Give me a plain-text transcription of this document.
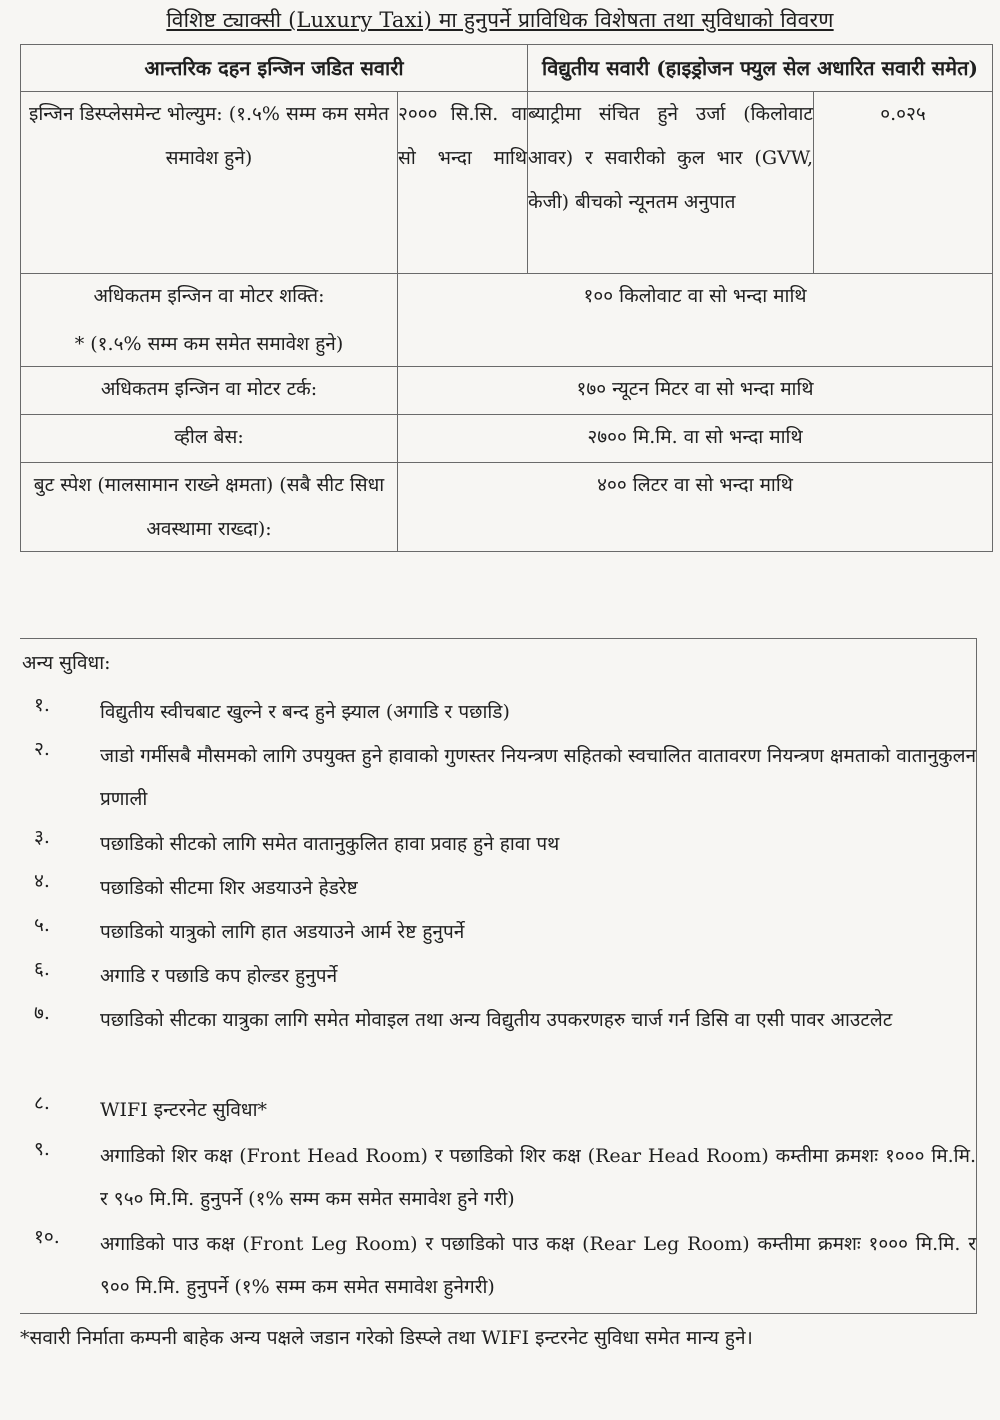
विशिष्ट ट्याक्सी (Luxury Taxi) मा हुनुपर्ने प्राविधिक विशेषता तथा सुविधाको विवरण
आन्तरिक दहन इन्जिन जडित सवारी		विद्युतीय सवारी (हाइड्रोजन फ्युल सेल अधारित सवारी समेत)	
इन्जिन डिस्प्लेसमेन्ट भोल्युम: (१.५% सम्म कम समेत समावेश हुने)	२००० सि.सि. वा सो भन्दा माथि	ब्याट्रीमा संचित हुने उर्जा (किलोवाट आवर) र सवारीको कुल भार (GVW, केजी) बीचको न्यूनतम अनुपात	०.०२५

अधिकतम इन्जिन वा मोटर शक्ति:
* (१.५% सम्म कम समेत समावेश हुने)	१०० किलोवाट वा सो भन्दा माथि		
अधिकतम इन्जिन वा मोटर टर्क:	१७० न्यूटन मिटर वा सो भन्दा माथि		
व्हील बेस:	२७०० मि.मि. वा सो भन्दा माथि		
बुट स्पेश (मालसामान राख्ने क्षमता) (सबै सीट सिधा अवस्थामा राख्दा):	४०० लिटर वा सो भन्दा माथि		
अन्य सुविधा:
१.	विद्युतीय स्वीचबाट खुल्ने र बन्द हुने झ्याल (अगाडि र पछाडि)
२.	जाडो गर्मीसबै मौसमको लागि उपयुक्त हुने हावाको गुणस्तर नियन्त्रण सहितको स्वचालित वातावरण नियन्त्रण क्षमताको वातानुकुलन प्रणाली
३.	पछाडिको सीटको लागि समेत वातानुकुलित हावा प्रवाह हुने हावा पथ
४.	पछाडिको सीटमा शिर अडयाउने हेडरेष्ट
५.	पछाडिको यात्रुको लागि हात अडयाउने आर्म रेष्ट हुनुपर्ने
६.	अगाडि र पछाडि कप होल्डर हुनुपर्ने
७.	पछाडिको सीटका यात्रुका लागि समेत मोवाइल तथा अन्य विद्युतीय उपकरणहरु चार्ज गर्न डिसि वा एसी पावर आउटलेट
८.	WIFI इन्टरनेट सुविधा*
९.	अगाडिको शिर कक्ष (Front Head Room) र पछाडिको शिर कक्ष (Rear Head Room) कम्तीमा क्रमशः १००० मि.मि. र ९५० मि.मि. हुनुपर्ने (१% सम्म कम समेत समावेश हुने गरी)
१०.	अगाडिको पाउ कक्ष (Front Leg Room) र पछाडिको पाउ कक्ष (Rear Leg Room) कम्तीमा क्रमशः १००० मि.मि. र ९०० मि.मि. हुनुपर्ने (१% सम्म कम समेत समावेश हुनेगरी)
*सवारी निर्माता कम्पनी बाहेक अन्य पक्षले जडान गरेको डिस्प्ले तथा WIFI इन्टरनेट सुविधा समेत मान्य हुने।
